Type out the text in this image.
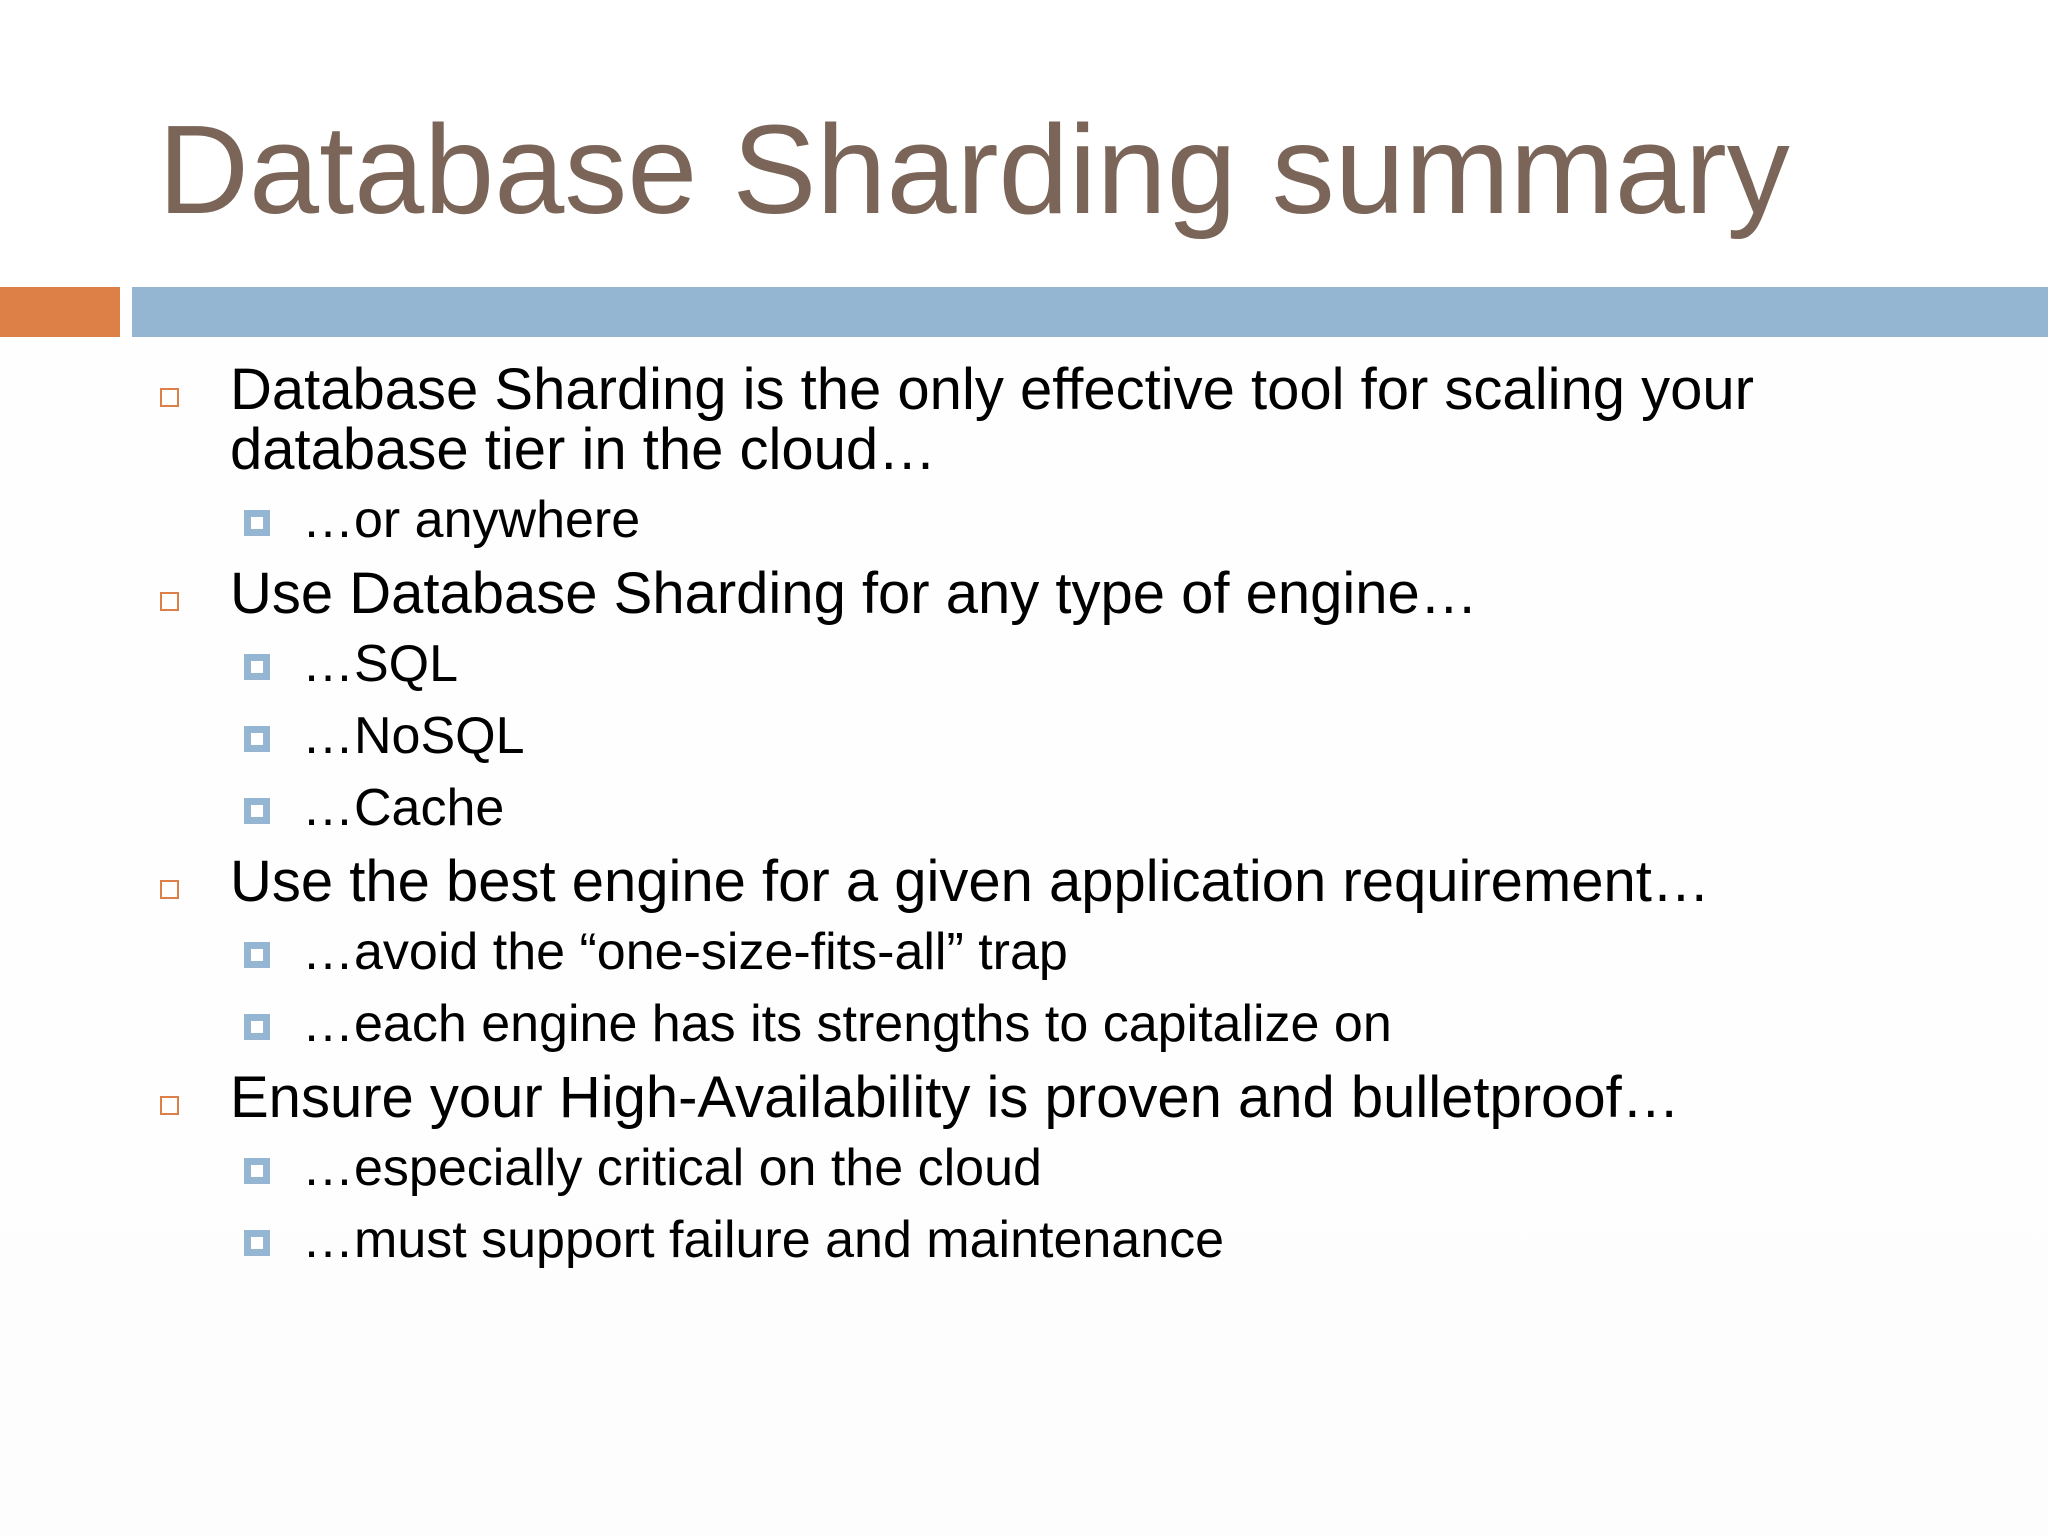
Database Sharding summary
Database Sharding is the only effective tool for scaling your database tier in the cloud…
…or anywhere
Use Database Sharding for any type of engine…
…SQL
…NoSQL
…Cache
Use the best engine for a given application requirement…
…avoid the “one-size-fits-all” trap
…each engine has its strengths to capitalize on
Ensure your High-Availability is proven and bulletproof…
…especially critical on the cloud
…must support failure and maintenance
